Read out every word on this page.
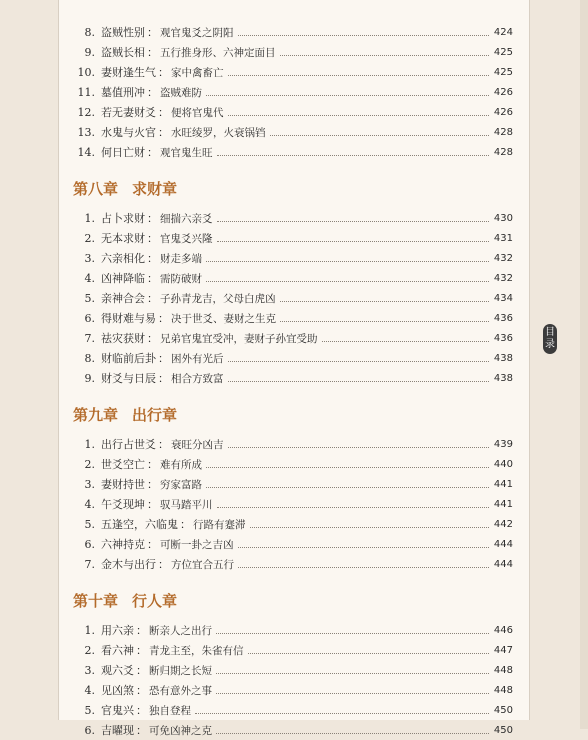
8. 盗贼性别 ： 观官鬼爻之阴阳	424
9. 盗贼长相 ： 五行推身形、六神定面目	425
10. 妻财逢生气 ： 家中禽畜亡	425
11. 墓值刑冲 ： 盗贼难防	426
12. 若无妻财爻 ： 便将官鬼代	426
13. 水鬼与火官 ： 水旺绫罗，火衰锅铛	428
14. 何日亡财 ： 观官鬼生旺	428
第八章 求财章
1. 占卜求财 ： 细揣六亲爻	430
2. 无本求财 ： 官鬼爻兴隆	431
3. 六亲相化 ： 财走多端	432
4. 凶神降临 ： 需防破财	432
5. 亲神合会 ： 子孙青龙吉，父母白虎凶	434
6. 得财难与易 ： 决于世爻、妻财之生克	436
7. 祛灾获财 ： 兄弟官鬼宜受冲，妻财子孙宜受助	436
8. 财临前后卦 ： 困外有光后	438
9. 财爻与日辰 ： 相合方致富	438
第九章 出行章
1. 出行占世爻 ： 衰旺分凶吉	439
2. 世爻空亡 ： 难有所成	440
3. 妻财持世 ： 穷家富路	441
4. 午爻现坤 ： 驭马踏平川	441
5. 五逢空，六临鬼 ： 行路有蹇滞	442
6. 六神持克 ： 可断一卦之吉凶	444
7. 金木与出行 ： 方位宜合五行	444
第十章 行人章
1. 用六亲 ： 断亲人之出行	446
2. 看六神 ： 青龙主至，朱雀有信	447
3. 观六爻 ： 断归期之长短	448
4. 见凶煞 ： 恐有意外之事	448
5. 官鬼兴 ： 独自登程	450
6. 吉曜现 ： 可免凶神之克	450
目
录
